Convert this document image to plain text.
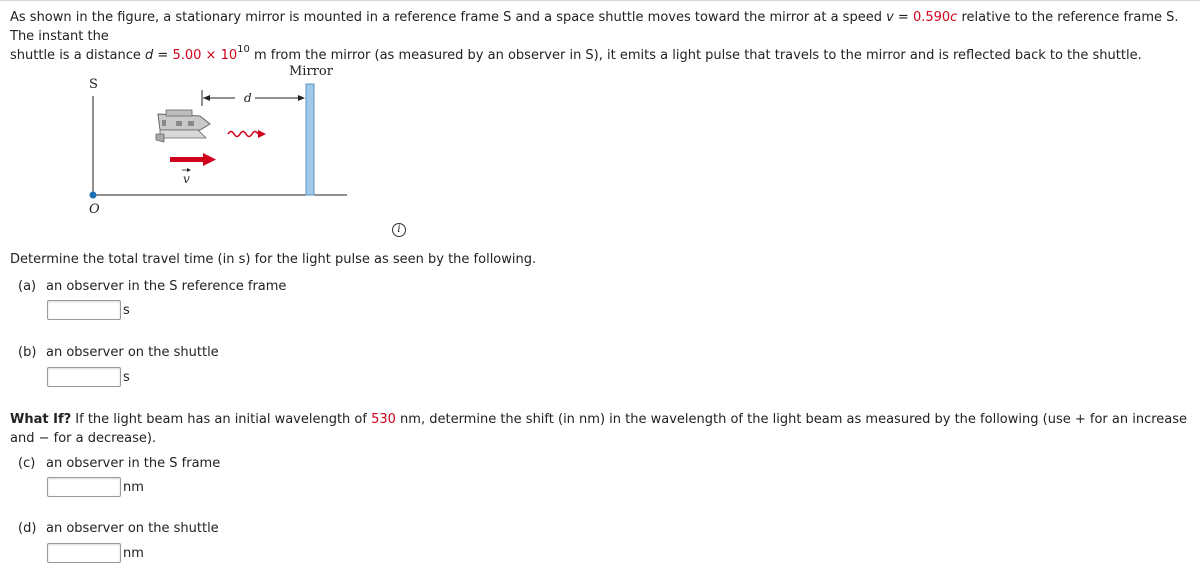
As shown in the figure, a stationary mirror is mounted in a reference frame S and a space shuttle moves toward the mirror at a speed v = 0.590c relative to the reference frame S. The instant the
shuttle is a distance $d = 5.00 \times 10^{10}$ m from the mirror (as measured by an observer in S), it emits a light pulse that travels to the mirror and is reflected back to the shuttle.
S
O
Mirror
d
v
i
Determine the total travel time (in s) for the light pulse as seen by the following.
(a) an observer in the S reference frame
s
(b) an observer on the shuttle
s
What If? If the light beam has an initial wavelength of 530 nm, determine the shift (in nm) in the wavelength of the light beam as measured by the following (use + for an increase and − for a decrease).
(c) an observer in the S frame
nm
(d) an observer on the shuttle
nm
